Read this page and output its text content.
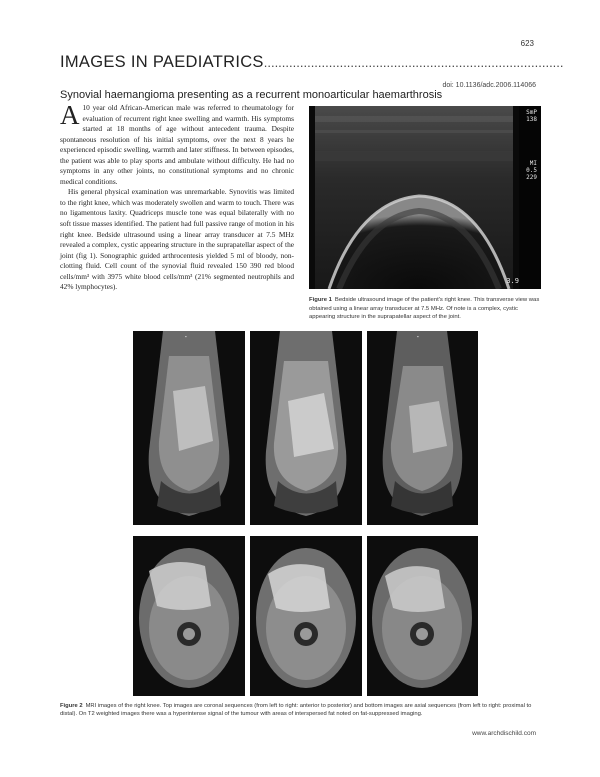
623
IMAGES IN PAEDIATRICS...................................................................................
doi: 10.1136/adc.2006.114066
Synovial haemangioma presenting as a recurrent monoarticular haemarthrosis

A 10 year old African-American male was referred to rheumatology for evaluation of recurrent right knee swelling and warmth. His symptoms started at 18 months of age without antecedent trauma. Despite spontaneous resolution of his initial symptoms, over the next 8 years he experienced episodic swelling, warmth and later stiffness. In between episodes, the patient was able to play sports and ambulate without difficulty. He had no symptoms in any other joints, no constitutional symptoms and no chronic medical conditions.

His general physical examination was unremarkable. Synovitis was limited to the right knee, which was moderately swollen and warm to touch. There was no ligamentous laxity. Quadriceps muscle tone was equal bilaterally with no soft tissue masses identified. The patient had full passive range of motion in his right knee. Bedside ultrasound using a linear array transducer at 7.5 MHz revealed a complex, cystic appearing structure in the suprapatellar aspect of the joint (fig 1). Sonographic guided arthrocentesis yielded 5 ml of bloody, non-clotting fluid. Cell count of the synovial fluid revealed 150 390 red blood cells/mm³ with 3975 white blood cells/mm³ (21% segmented neutrophils and 42% lymphocytes).

SmP
138
MI
0.5
229
3.9
Figure 1 Bedside ultrasound image of the patient's right knee. This transverse view was obtained using a linear array transducer at 7.5 MHz. Of note is a complex, cystic appearing structure in the suprapatellar aspect of the joint.
▪	▪
Figure 2 MRI images of the right knee. Top images are coronal sequences (from left to right: anterior to posterior) and bottom images are axial sequences (from left to right: proximal to distal). On T2 weighted images there was a hyperintense signal of the tumour with areas of interspersed fat noted on fat-suppressed imaging.
www.archdischild.com
